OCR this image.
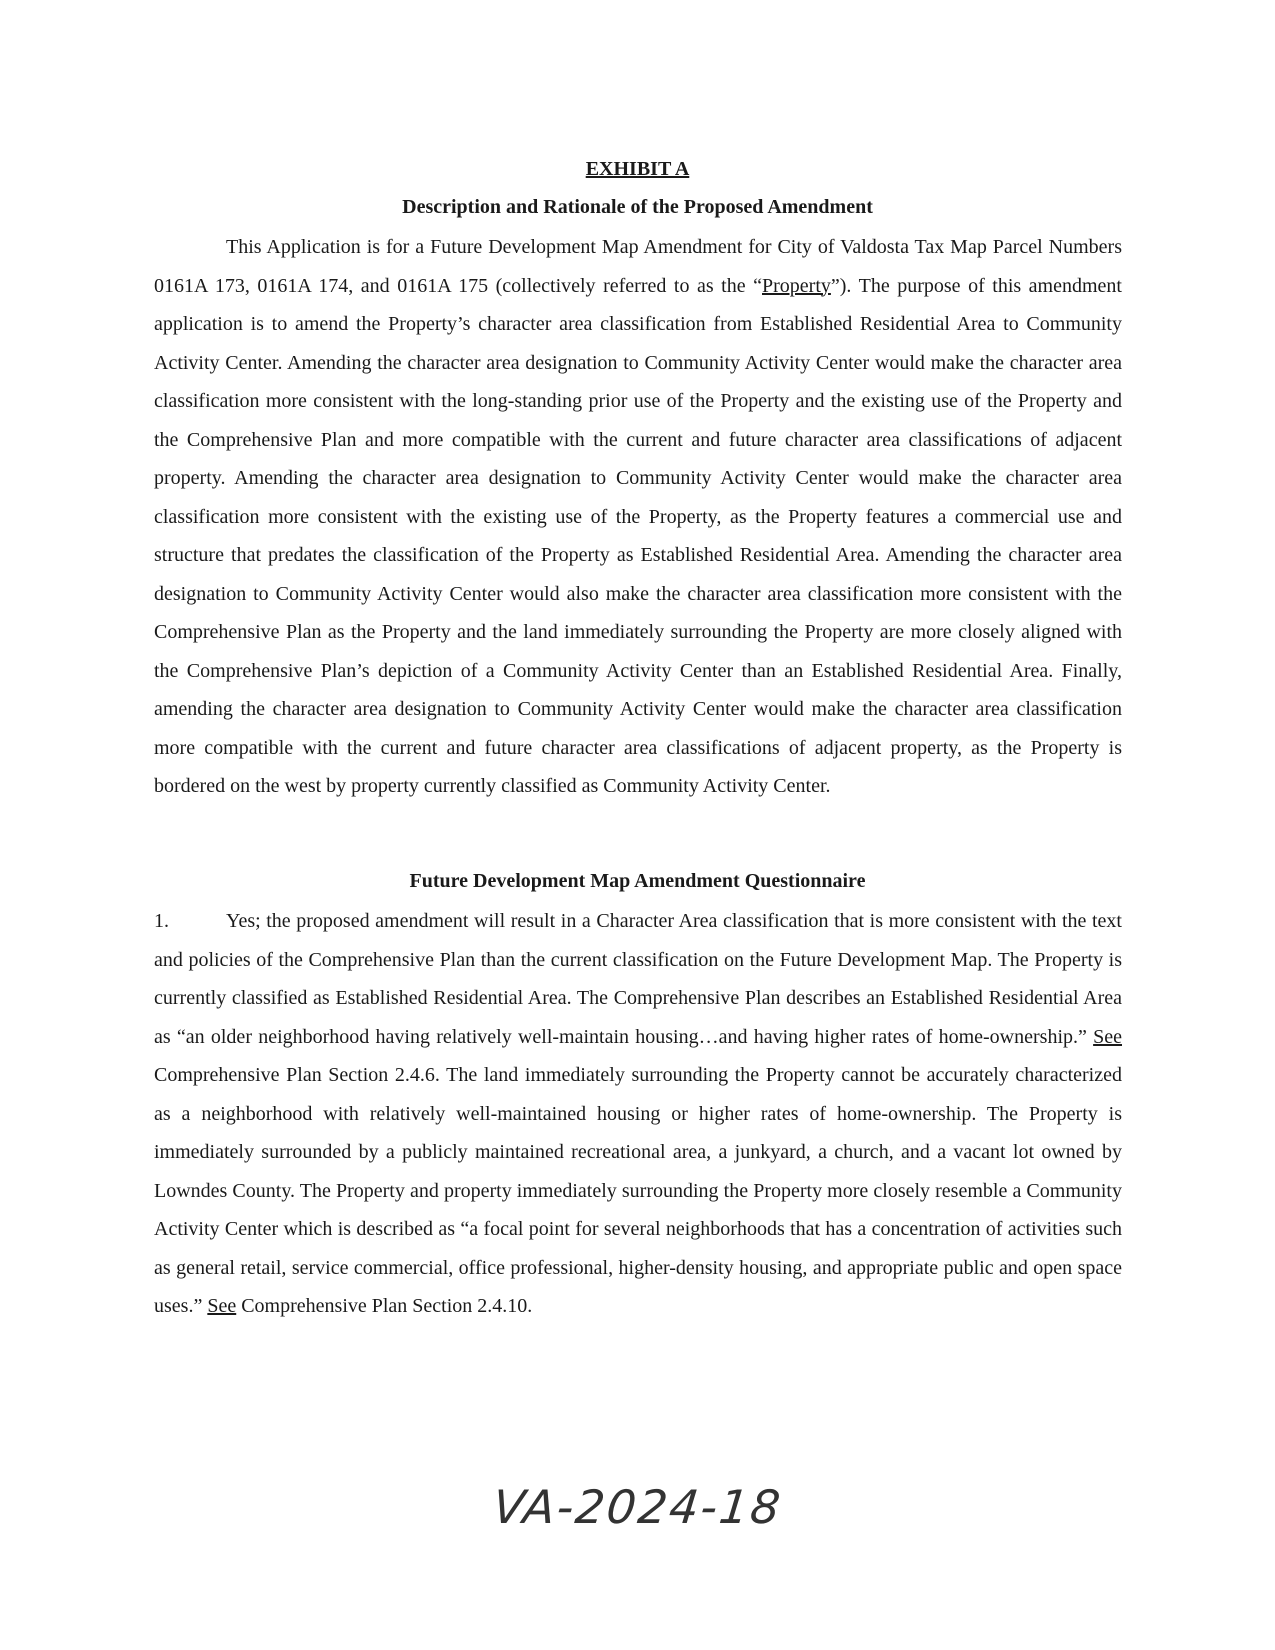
EXHIBIT A
Description and Rationale of the Proposed Amendment

This Application is for a Future Development Map Amendment for City of Valdosta Tax Map Parcel Numbers 0161A 173, 0161A 174, and 0161A 175 (collectively referred to as the “Property”). The purpose of this amendment application is to amend the Property’s character area classification from Established Residential Area to Community Activity Center. Amending the character area designation to Community Activity Center would make the character area classification more consistent with the long-standing prior use of the Property and the existing use of the Property and the Comprehensive Plan and more compatible with the current and future character area classifications of adjacent property. Amending the character area designation to Community Activity Center would make the character area classification more consistent with the existing use of the Property, as the Property features a commercial use and structure that predates the classification of the Property as Established Residential Area. Amending the character area designation to Community Activity Center would also make the character area classification more consistent with the Comprehensive Plan as the Property and the land immediately surrounding the Property are more closely aligned with the Comprehensive Plan’s depiction of a Community Activity Center than an Established Residential Area. Finally, amending the character area designation to Community Activity Center would make the character area classification more compatible with the current and future character area classifications of adjacent property, as the Property is bordered on the west by property currently classified as Community Activity Center.

Future Development Map Amendment Questionnaire

1.	Yes; the proposed amendment will result in a Character Area classification that is more consistent with the text and policies of the Comprehensive Plan than the current classification on the Future Development Map. The Property is currently classified as Established Residential Area. The Comprehensive Plan describes an Established Residential Area as “an older neighborhood having relatively well-maintain housing…and having higher rates of home-ownership.” See Comprehensive Plan Section 2.4.6. The land immediately surrounding the Property cannot be accurately characterized as a neighborhood with relatively well-maintained housing or higher rates of home-ownership. The Property is immediately surrounded by a publicly maintained recreational area, a junkyard, a church, and a vacant lot owned by Lowndes County. The Property and property immediately surrounding the Property more closely resemble a Community Activity Center which is described as “a focal point for several neighborhoods that has a concentration of activities such as general retail, service commercial, office professional, higher-density housing, and appropriate public and open space uses.” See Comprehensive Plan Section 2.4.10.

VA-2024-18
